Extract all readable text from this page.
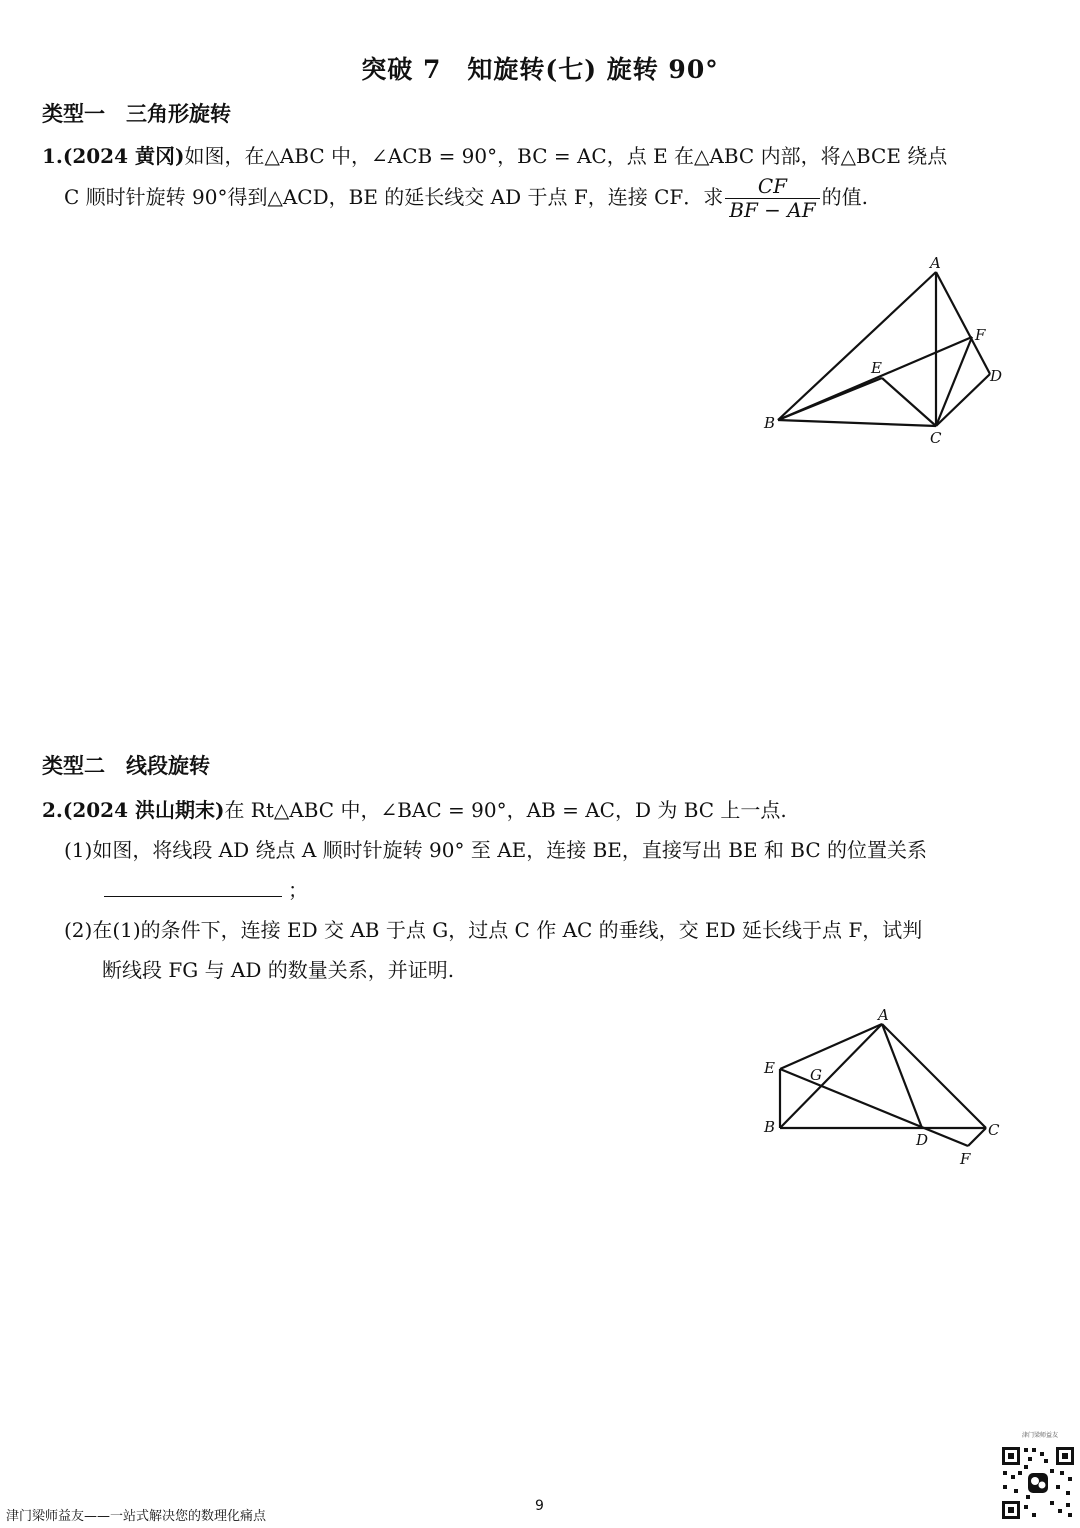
突破 7　知旋转(七) 旋转 90°
类型一　三角形旋转
1.(2024 黄冈)如图，在△ABC 中，∠ACB = 90°，BC = AC，点 E 在△ABC 内部，将△BCE 绕点
C 顺时针旋转 90°得到△ACD，BE 的延长线交 AD 于点 F，连接 CF．求 $\frac{CF}{BF - AF}$ 的值.
A
B
C
D
E
F
类型二　线段旋转
2.(2024 洪山期末)在 Rt△ABC 中，∠BAC = 90°，AB = AC，D 为 BC 上一点.
(1)如图，将线段 AD 绕点 A 顺时针旋转 90° 至 AE，连接 BE，直接写出 BE 和 BC 的位置关系
；
(2)在(1)的条件下，连接 ED 交 AB 于点 G，过点 C 作 AC 的垂线，交 ED 延长线于点 F，试判
断线段 FG 与 AD 的数量关系，并证明.
A
B	C
D
E
F
G
津门梁师益友
9
津门梁师益友——一站式解决您的数理化痛点
